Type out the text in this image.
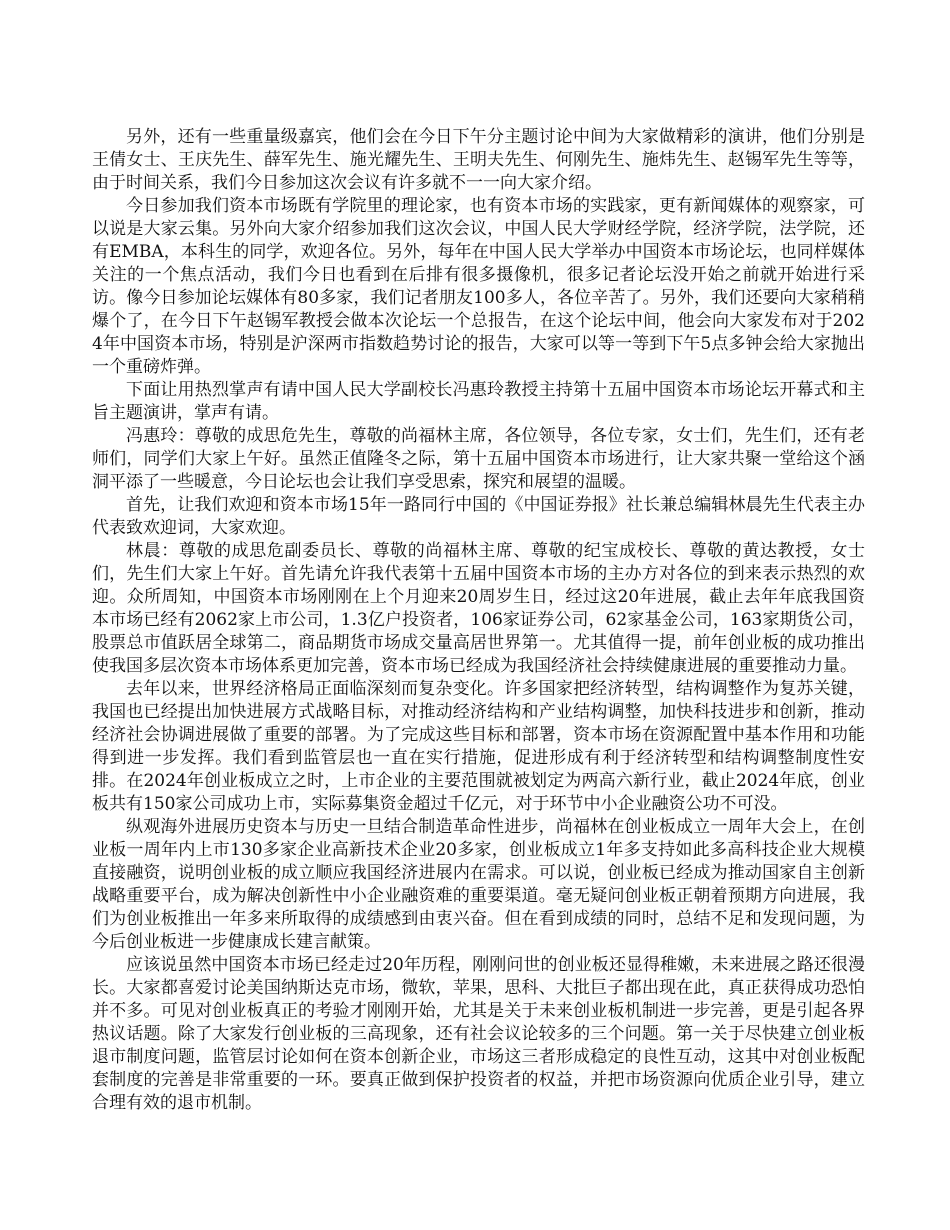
另外，还有一些重量级嘉宾，他们会在今日下午分主题讨论中间为大家做精彩的演讲，他们分别是王倩女士、王庆先生、薛军先生、施光耀先生、王明夫先生、何刚先生、施炜先生、赵锡军先生等等，由于时间关系，我们今日参加这次会议有许多就不一一向大家介绍。

今日参加我们资本市场既有学院里的理论家，也有资本市场的实践家，更有新闻媒体的观察家，可以说是大家云集。另外向大家介绍参加我们这次会议，中国人民大学财经学院，经济学院，法学院，还有EMBA，本科生的同学，欢迎各位。另外，每年在中国人民大学举办中国资本市场论坛，也同样媒体关注的一个焦点活动，我们今日也看到在后排有很多摄像机，很多记者论坛没开始之前就开始进行采访。像今日参加论坛媒体有80多家，我们记者朋友100多人，各位辛苦了。另外，我们还要向大家稍稍爆个了，在今日下午赵锡军教授会做本次论坛一个总报告，在这个论坛中间，他会向大家发布对于2024年中国资本市场，特别是沪深两市指数趋势讨论的报告，大家可以等一等到下午5点多钟会给大家抛出一个重磅炸弹。

下面让用热烈掌声有请中国人民大学副校长冯惠玲教授主持第十五届中国资本市场论坛开幕式和主旨主题演讲，掌声有请。

冯惠玲：尊敬的成思危先生，尊敬的尚福林主席，各位领导，各位专家，女士们，先生们，还有老师们，同学们大家上午好。虽然正值隆冬之际，第十五届中国资本市场进行，让大家共聚一堂给这个涵洞平添了一些暖意，今日论坛也会让我们享受思索，探究和展望的温暖。

首先，让我们欢迎和资本市场15年一路同行中国的《中国证券报》社长兼总编辑林晨先生代表主办代表致欢迎词，大家欢迎。

林晨：尊敬的成思危副委员长、尊敬的尚福林主席、尊敬的纪宝成校长、尊敬的黄达教授，女士们，先生们大家上午好。首先请允许我代表第十五届中国资本市场的主办方对各位的到来表示热烈的欢迎。众所周知，中国资本市场刚刚在上个月迎来20周岁生日，经过这20年进展，截止去年年底我国资本市场已经有2062家上市公司，1.3亿户投资者，106家证券公司，62家基金公司，163家期货公司，股票总市值跃居全球第二，商品期货市场成交量高居世界第一。尤其值得一提，前年创业板的成功推出使我国多层次资本市场体系更加完善，资本市场已经成为我国经济社会持续健康进展的重要推动力量。

去年以来，世界经济格局正面临深刻而复杂变化。许多国家把经济转型，结构调整作为复苏关键，我国也已经提出加快进展方式战略目标，对推动经济结构和产业结构调整，加快科技进步和创新，推动经济社会协调进展做了重要的部署。为了完成这些目标和部署，资本市场在资源配置中基本作用和功能得到进一步发挥。我们看到监管层也一直在实行措施，促进形成有利于经济转型和结构调整制度性安排。在2024年创业板成立之时，上市企业的主要范围就被划定为两高六新行业，截止2024年底，创业板共有150家公司成功上市，实际募集资金超过千亿元，对于环节中小企业融资公功不可没。

纵观海外进展历史资本与历史一旦结合制造革命性进步，尚福林在创业板成立一周年大会上，在创业板一周年内上市130多家企业高新技术企业20多家，创业板成立1年多支持如此多高科技企业大规模直接融资，说明创业板的成立顺应我国经济进展内在需求。可以说，创业板已经成为推动国家自主创新战略重要平台，成为解决创新性中小企业融资难的重要渠道。毫无疑问创业板正朝着预期方向进展，我们为创业板推出一年多来所取得的成绩感到由衷兴奋。但在看到成绩的同时，总结不足和发现问题，为今后创业板进一步健康成长建言献策。

应该说虽然中国资本市场已经走过20年历程，刚刚问世的创业板还显得稚嫩，未来进展之路还很漫长。大家都喜爱讨论美国纳斯达克市场，微软，苹果，思科、大批巨子都出现在此，真正获得成功恐怕并不多。可见对创业板真正的考验才刚刚开始，尤其是关于未来创业板机制进一步完善，更是引起各界热议话题。除了大家发行创业板的三高现象，还有社会议论较多的三个问题。第一关于尽快建立创业板退市制度问题，监管层讨论如何在资本创新企业，市场这三者形成稳定的良性互动，这其中对创业板配套制度的完善是非常重要的一环。要真正做到保护投资者的权益，并把市场资源向优质企业引导，建立合理有效的退市机制。
